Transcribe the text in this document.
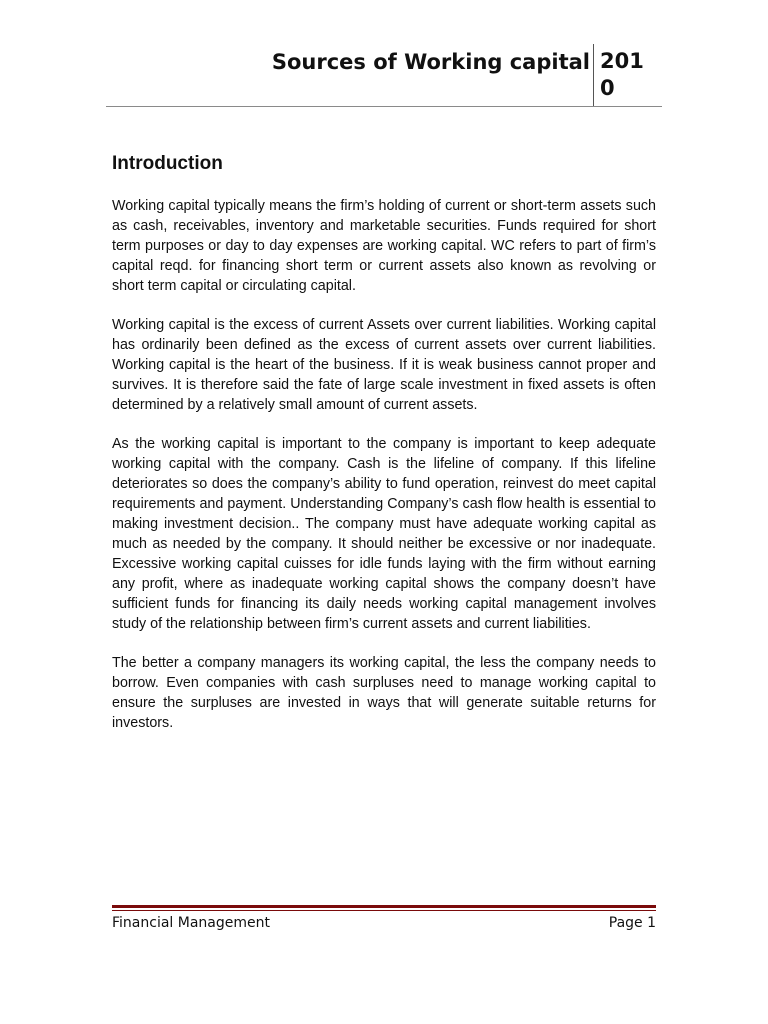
Sources of Working capital 2010
Introduction

Working capital typically means the firm’s holding of current or short-term assets such as cash, receivables, inventory and marketable securities. Funds required for short term purposes or day to day expenses are working capital. WC refers to part of firm’s capital reqd. for financing short term or current assets also known as revolving or short term capital or circulating capital.

Working capital is the excess of current Assets over current liabilities. Working capital has ordinarily been defined as the excess of current assets over current liabilities. Working capital is the heart of the business. If it is weak business cannot proper and survives. It is therefore said the fate of large scale investment in fixed assets is often determined by a relatively small amount of current assets.

As the working capital is important to the company is important to keep adequate working capital with the company. Cash is the lifeline of company. If this lifeline deteriorates so does the company’s ability to fund operation, reinvest do meet capital requirements and payment. Understanding Company’s cash flow health is essential to making investment decision.. The company must have adequate working capital as much as needed by the company. It should neither be excessive or nor inadequate. Excessive working capital cuisses for idle funds laying with the firm without earning any profit, where as inadequate working capital shows the company doesn’t have sufficient funds for financing its daily needs working capital management involves study of the relationship between firm’s current assets and current liabilities.

The better a company managers its working capital, the less the company needs to borrow. Even companies with cash surpluses need to manage working capital to ensure the surpluses are invested in ways that will generate suitable returns for investors.

Financial Management	Page 1
